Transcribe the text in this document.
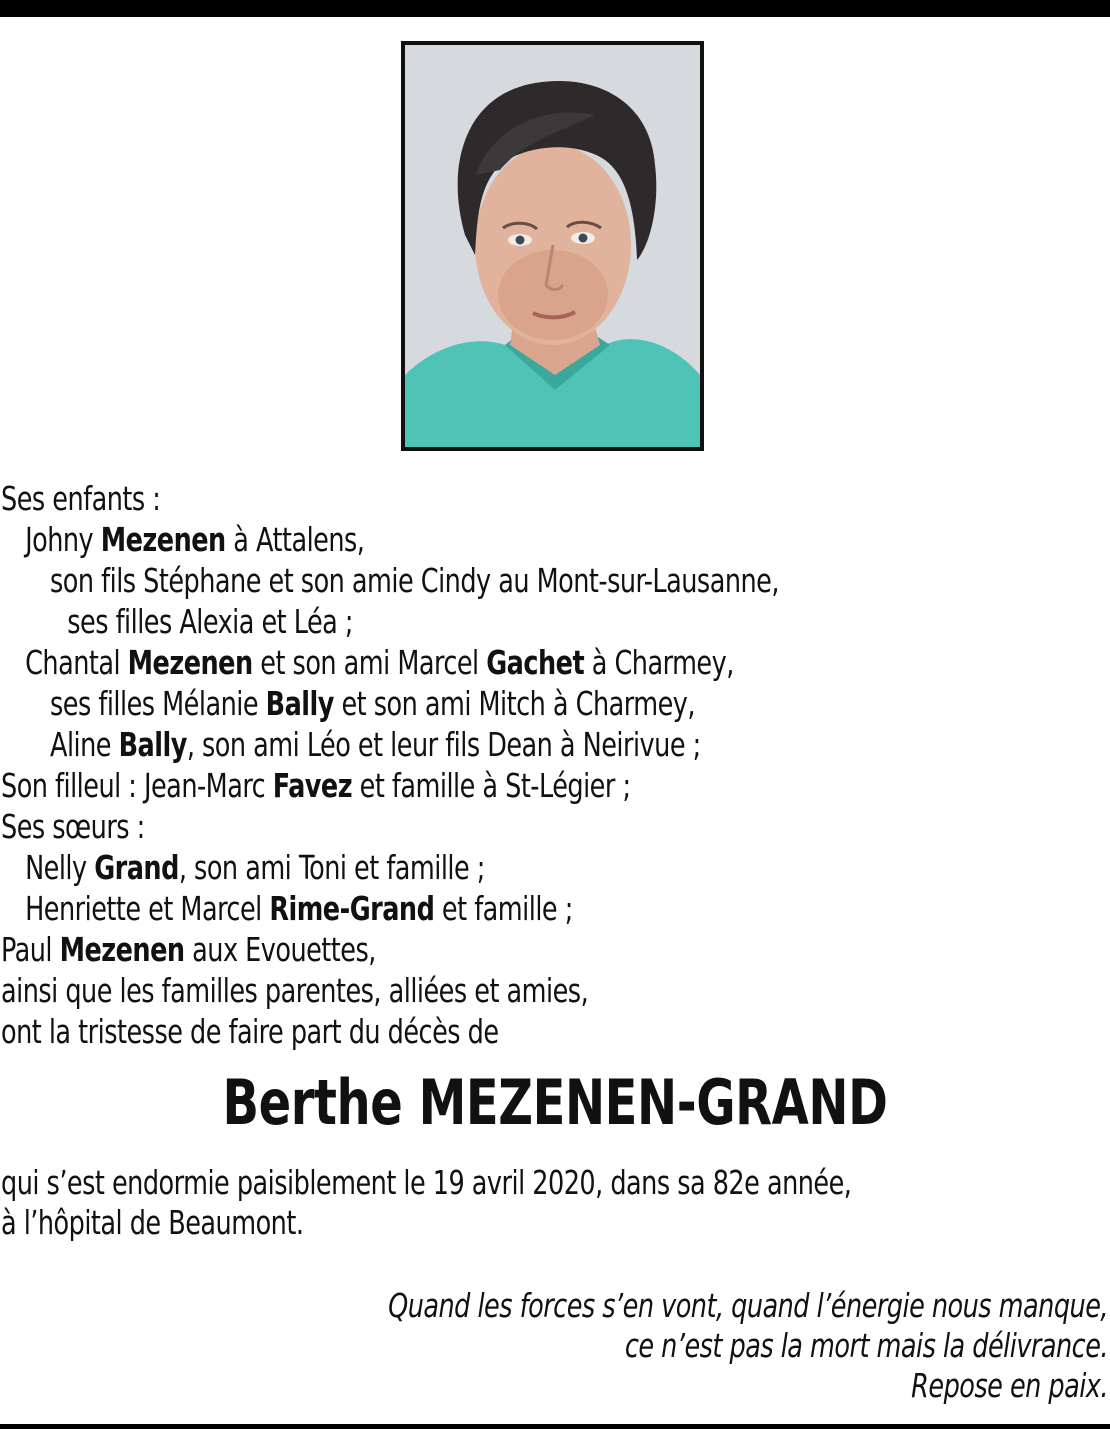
Ses enfants :
Johny Mezenen à Attalens,
son fils Stéphane et son amie Cindy au Mont-sur-Lausanne,
ses filles Alexia et Léa ;
Chantal Mezenen et son ami Marcel Gachet à Charmey,
ses filles Mélanie Bally et son ami Mitch à Charmey,
Aline Bally, son ami Léo et leur fils Dean à Neirivue ;
Son filleul : Jean-Marc Favez et famille à St-Légier ;
Ses sœurs :
Nelly Grand, son ami Toni et famille ;
Henriette et Marcel Rime-Grand et famille ;
Paul Mezenen aux Evouettes,
ainsi que les familles parentes, alliées et amies,
ont la tristesse de faire part du décès de
Berthe MEZENEN-GRAND
qui s’est endormie paisiblement le 19 avril 2020, dans sa 82e année,
à l’hôpital de Beaumont.
Quand les forces s’en vont, quand l’énergie nous manque,
ce n’est pas la mort mais la délivrance.
Repose en paix.
